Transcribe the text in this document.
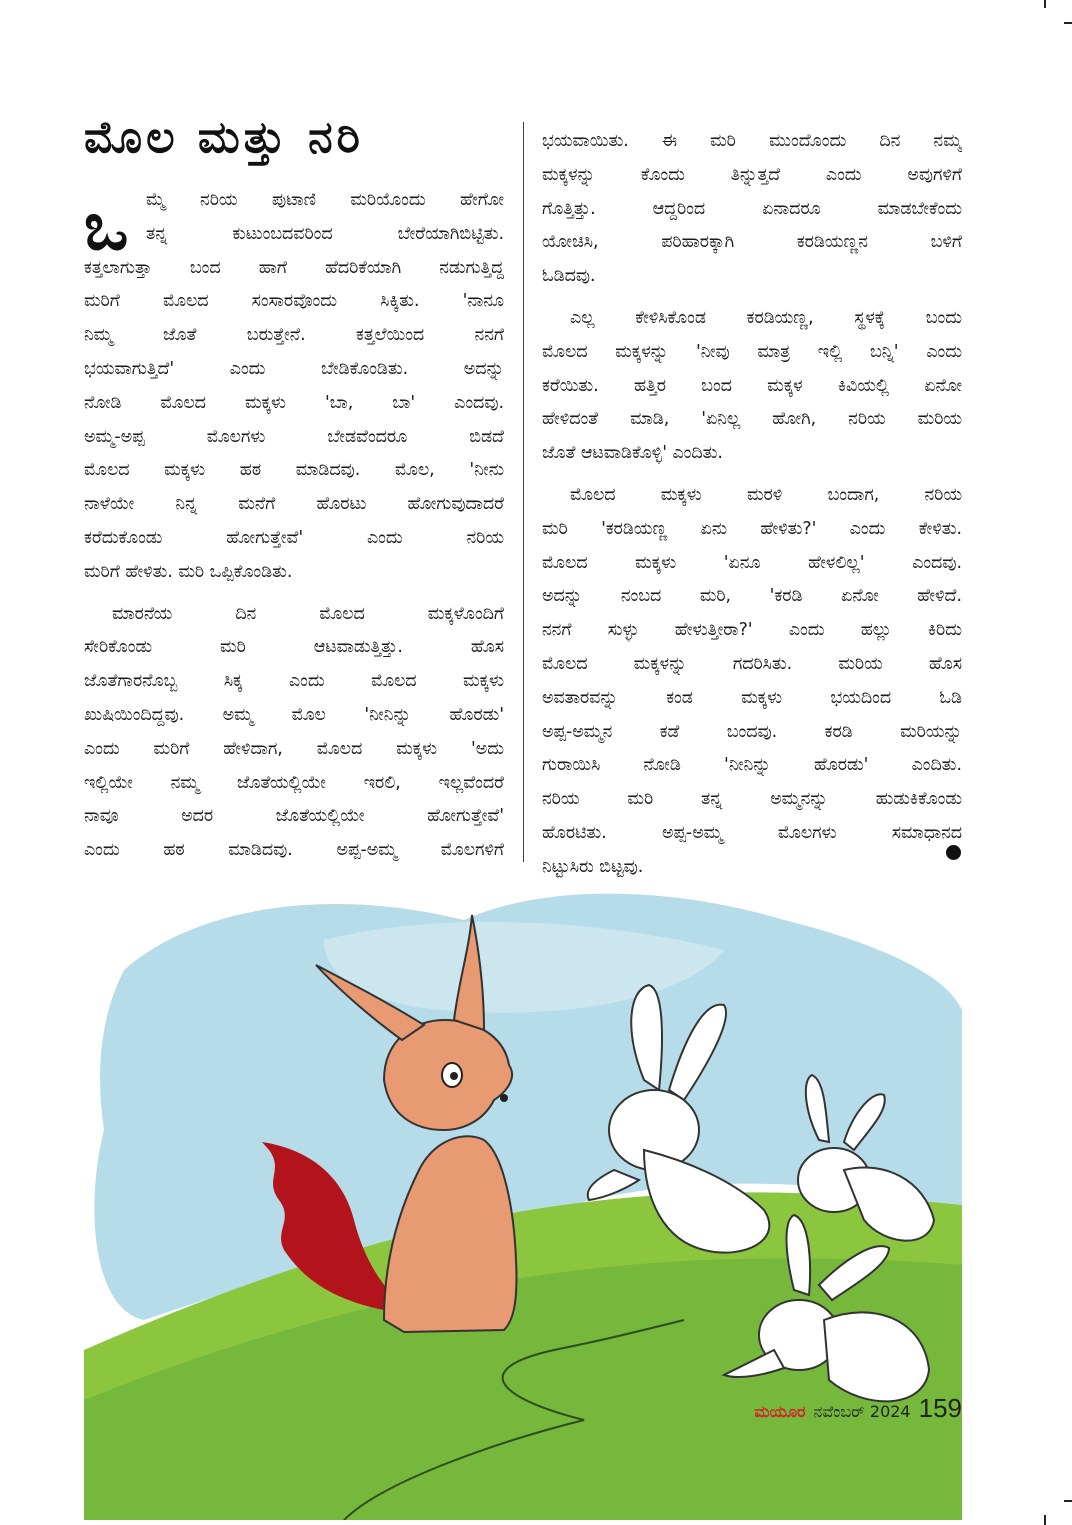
ಮೊಲ ಮತ್ತು ನರಿ
ಒ	ಮ್ಮೆ ನರಿಯ ಪುಟಾಣಿ ಮರಿಯೊಂದು ಹೇಗೋ
ತನ್ನ ಕುಟುಂಬದವರಿಂದ ಬೇರೆಯಾಗಿಬಿಟ್ಟಿತು.
ಕತ್ತಲಾಗುತ್ತಾ ಬಂದ ಹಾಗೆ ಹೆದರಿಕೆಯಾಗಿ ನಡುಗುತ್ತಿದ್ದ
ಮರಿಗೆ ಮೊಲದ ಸಂಸಾರವೊಂದು ಸಿಕ್ಕಿತು. 'ನಾನೂ
ನಿಮ್ಮ ಜೊತೆ ಬರುತ್ತೇನೆ. ಕತ್ತಲೆಯಿಂದ ನನಗೆ
ಭಯವಾಗುತ್ತಿದೆ' ಎಂದು ಬೇಡಿಕೊಂಡಿತು. ಅದನ್ನು
ನೋಡಿ ಮೊಲದ ಮಕ್ಕಳು 'ಬಾ, ಬಾ' ಎಂದವು.
ಅಮ್ಮ-ಅಪ್ಪ ಮೊಲಗಳು ಬೇಡವೆಂದರೂ ಬಿಡದೆ
ಮೊಲದ ಮಕ್ಕಳು ಹಠ ಮಾಡಿದವು. ಮೊಲ, 'ನೀನು
ನಾಳೆಯೇ ನಿನ್ನ ಮನೆಗೆ ಹೊರಟು ಹೋಗುವುದಾದರೆ
ಕರೆದುಕೊಂಡು ಹೋಗುತ್ತೇವೆ' ಎಂದು ನರಿಯ
ಮರಿಗೆ ಹೇಳಿತು. ಮರಿ ಒಪ್ಪಿಕೊಂಡಿತು.
ಮಾರನೆಯ ದಿನ ಮೊಲದ ಮಕ್ಕಳೊಂದಿಗೆ
ಸೇರಿಕೊಂಡು ಮರಿ ಆಟವಾಡುತ್ತಿತ್ತು. ಹೊಸ
ಜೊತೆಗಾರನೊಬ್ಬ ಸಿಕ್ಕ ಎಂದು ಮೊಲದ ಮಕ್ಕಳು
ಖುಷಿಯಿಂದಿದ್ದವು. ಅಮ್ಮ ಮೊಲ 'ನೀನಿನ್ನು ಹೊರಡು'
ಎಂದು ಮರಿಗೆ ಹೇಳಿದಾಗ, ಮೊಲದ ಮಕ್ಕಳು 'ಅದು
ಇಲ್ಲಿಯೇ ನಮ್ಮ ಜೊತೆಯಲ್ಲಿಯೇ ಇರಲಿ, ಇಲ್ಲವೆಂದರೆ
ನಾವೂ ಅದರ ಜೊತೆಯಲ್ಲಿಯೇ ಹೋಗುತ್ತೇವೆ'
ಎಂದು ಹಠ ಮಾಡಿದವು. ಅಪ್ಪ-ಅಮ್ಮ ಮೊಲಗಳಿಗೆ
ಭಯವಾಯಿತು. ಈ ಮರಿ ಮುಂದೊಂದು ದಿನ ನಮ್ಮ
ಮಕ್ಕಳನ್ನು ಕೊಂದು ತಿನ್ನುತ್ತದೆ ಎಂದು ಅವುಗಳಿಗೆ
ಗೊತ್ತಿತ್ತು. ಆದ್ದರಿಂದ ಏನಾದರೂ ಮಾಡಬೇಕೆಂದು
ಯೋಚಿಸಿ, ಪರಿಹಾರಕ್ಕಾಗಿ ಕರಡಿಯಣ್ಣನ ಬಳಿಗೆ
ಓಡಿದವು.
ಎಲ್ಲ ಕೇಳಿಸಿಕೊಂಡ ಕರಡಿಯಣ್ಣ, ಸ್ಥಳಕ್ಕೆ ಬಂದು
ಮೊಲದ ಮಕ್ಕಳನ್ನು 'ನೀವು ಮಾತ್ರ ಇಲ್ಲಿ ಬನ್ನಿ' ಎಂದು
ಕರೆಯಿತು. ಹತ್ತಿರ ಬಂದ ಮಕ್ಕಳ ಕಿವಿಯಲ್ಲಿ ಏನೋ
ಹೇಳಿದಂತೆ ಮಾಡಿ, 'ಏನಿಲ್ಲ ಹೋಗಿ, ನರಿಯ ಮರಿಯ
ಜೊತೆ ಆಟವಾಡಿಕೊಳ್ಳಿ' ಎಂದಿತು.
ಮೊಲದ ಮಕ್ಕಳು ಮರಳಿ ಬಂದಾಗ, ನರಿಯ
ಮರಿ 'ಕರಡಿಯಣ್ಣ ಏನು ಹೇಳಿತು?' ಎಂದು ಕೇಳಿತು.
ಮೊಲದ ಮಕ್ಕಳು 'ಏನೂ ಹೇಳಲಿಲ್ಲ' ಎಂದವು.
ಅದನ್ನು ನಂಬದ ಮರಿ, 'ಕರಡಿ ಏನೋ ಹೇಳಿದೆ.
ನನಗೆ ಸುಳ್ಳು ಹೇಳುತ್ತೀರಾ?' ಎಂದು ಹಲ್ಲು ಕಿರಿದು
ಮೊಲದ ಮಕ್ಕಳನ್ನು ಗದರಿಸಿತು. ಮರಿಯ ಹೊಸ
ಅವತಾರವನ್ನು ಕಂಡ ಮಕ್ಕಳು ಭಯದಿಂದ ಓಡಿ
ಅಪ್ಪ-ಅಮ್ಮನ ಕಡೆ ಬಂದವು. ಕರಡಿ ಮರಿಯನ್ನು
ಗುರಾಯಿಸಿ ನೋಡಿ 'ನೀನಿನ್ನು ಹೊರಡು' ಎಂದಿತು.
ನರಿಯ ಮರಿ ತನ್ನ ಅಮ್ಮನನ್ನು ಹುಡುಕಿಕೊಂಡು
ಹೊರಟಿತು. ಅಪ್ಪ-ಅಮ್ಮ ಮೊಲಗಳು ಸಮಾಧಾನದ
ನಿಟ್ಟುಸಿರು ಬಿಟ್ಟವು.
ಮಯೂರ ನವೆಂಬರ್ 2024 159
